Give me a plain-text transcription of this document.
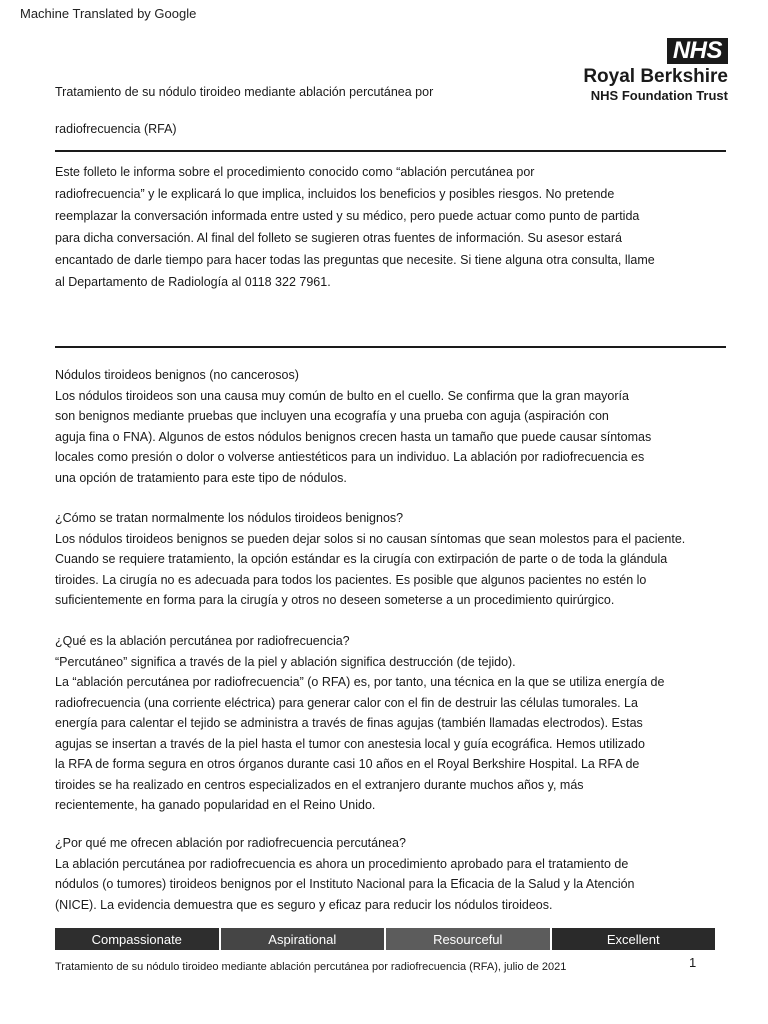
Machine Translated by Google
NHS
Royal Berkshire
NHS Foundation Trust
Tratamiento de su nódulo tiroideo mediante ablación percutánea por
radiofrecuencia (RFA)
Este folleto le informa sobre el procedimiento conocido como “ablación percutánea por
radiofrecuencia” y le explicará lo que implica, incluidos los beneficios y posibles riesgos. No pretende
reemplazar la conversación informada entre usted y su médico, pero puede actuar como punto de partida
para dicha conversación. Al final del folleto se sugieren otras fuentes de información. Su asesor estará
encantado de darle tiempo para hacer todas las preguntas que necesite. Si tiene alguna otra consulta, llame
al Departamento de Radiología al 0118 322 7961.

Nódulos tiroideos benignos (no cancerosos)

Los nódulos tiroideos son una causa muy común de bulto en el cuello. Se confirma que la gran mayoría

son benignos mediante pruebas que incluyen una ecografía y una prueba con aguja (aspiración con

aguja fina o FNA). Algunos de estos nódulos benignos crecen hasta un tamaño que puede causar síntomas

locales como presión o dolor o volverse antiestéticos para un individuo. La ablación por radiofrecuencia es

una opción de tratamiento para este tipo de nódulos.

¿Cómo se tratan normalmente los nódulos tiroideos benignos?

Los nódulos tiroideos benignos se pueden dejar solos si no causan síntomas que sean molestos para el paciente.

Cuando se requiere tratamiento, la opción estándar es la cirugía con extirpación de parte o de toda la glándula

tiroides. La cirugía no es adecuada para todos los pacientes. Es posible que algunos pacientes no estén lo

suficientemente en forma para la cirugía y otros no deseen someterse a un procedimiento quirúrgico.

¿Qué es la ablación percutánea por radiofrecuencia?

“Percutáneo” significa a través de la piel y ablación significa destrucción (de tejido).

La “ablación percutánea por radiofrecuencia” (o RFA) es, por tanto, una técnica en la que se utiliza energía de

radiofrecuencia (una corriente eléctrica) para generar calor con el fin de destruir las células tumorales. La

energía para calentar el tejido se administra a través de finas agujas (también llamadas electrodos). Estas

agujas se insertan a través de la piel hasta el tumor con anestesia local y guía ecográfica. Hemos utilizado

la RFA de forma segura en otros órganos durante casi 10 años en el Royal Berkshire Hospital. La RFA de

tiroides se ha realizado en centros especializados en el extranjero durante muchos años y, más

recientemente, ha ganado popularidad en el Reino Unido.

¿Por qué me ofrecen ablación por radiofrecuencia percutánea?

La ablación percutánea por radiofrecuencia es ahora un procedimiento aprobado para el tratamiento de

nódulos (o tumores) tiroideos benignos por el Instituto Nacional para la Eficacia de la Salud y la Atención

(NICE). La evidencia demuestra que es seguro y eficaz para reducir los nódulos tiroideos.

Compassionate	Aspirational	Resourceful	Excellent
Tratamiento de su nódulo tiroideo mediante ablación percutánea por radiofrecuencia (RFA), julio de 2021	1
